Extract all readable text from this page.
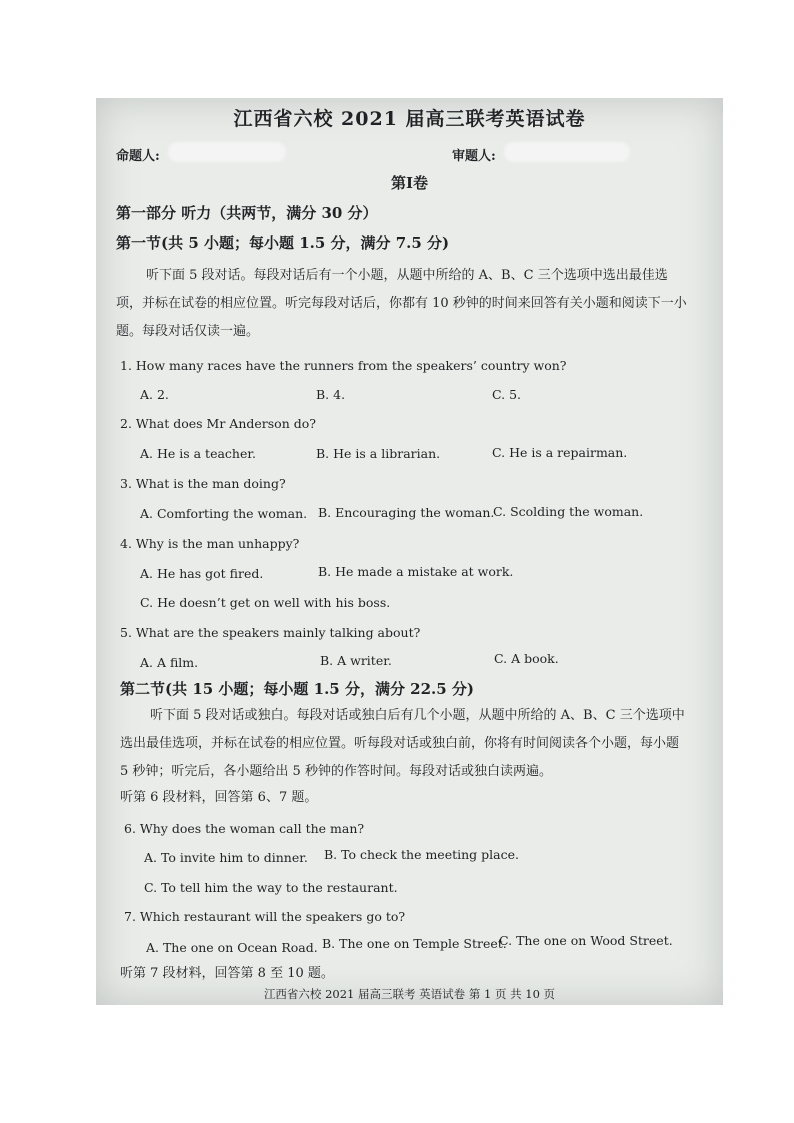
江西省六校 2021 届高三联考英语试卷
命题人:	审题人:
第Ⅰ卷
第一部分 听力（共两节，满分 30 分）
第一节(共 5 小题；每小题 1.5 分，满分 7.5 分)
听下面 5 段对话。每段对话后有一个小题，从题中所给的 A、B、C 三个选项中选出最佳选项，并标在试卷的相应位置。听完每段对话后，你都有 10 秒钟的时间来回答有关小题和阅读下一小题。每段对话仅读一遍。
1. How many races have the runners from the speakers’ country won?
A. 2.	B. 4.	C. 5.
2. What does Mr Anderson do?
A. He is a teacher.	B. He is a librarian.	C. He is a repairman.
3. What is the man doing?
A. Comforting the woman. B. Encouraging the woman.
C. Scolding the woman.
4. Why is the man unhappy?
A. He has got fired.	B. He made a mistake at work.
C. He doesn’t get on well with his boss.
5. What are the speakers mainly talking about?
A. A film.	B. A writer.	C. A book.
第二节(共 15 小题；每小题 1.5 分，满分 22.5 分)
听下面 5 段对话或独白。每段对话或独白后有几个小题，从题中所给的 A、B、C 三个选项中选出最佳选项，并标在试卷的相应位置。听每段对话或独白前，你将有时间阅读各个小题，每小题 5 秒钟；听完后，各小题给出 5 秒钟的作答时间。每段对话或独白读两遍。
听第 6 段材料，回答第 6、7 题。
6. Why does the woman call the man?
A. To invite him to dinner. B. To check the meeting place.
C. To tell him the way to the restaurant.
7. Which restaurant will the speakers go to?
A. The one on Ocean Road. B. The one on Temple Street.
C. The one on Wood Street.
听第 7 段材料，回答第 8 至 10 题。
江西省六校 2021 届高三联考 英语试卷 第 1 页 共 10 页
